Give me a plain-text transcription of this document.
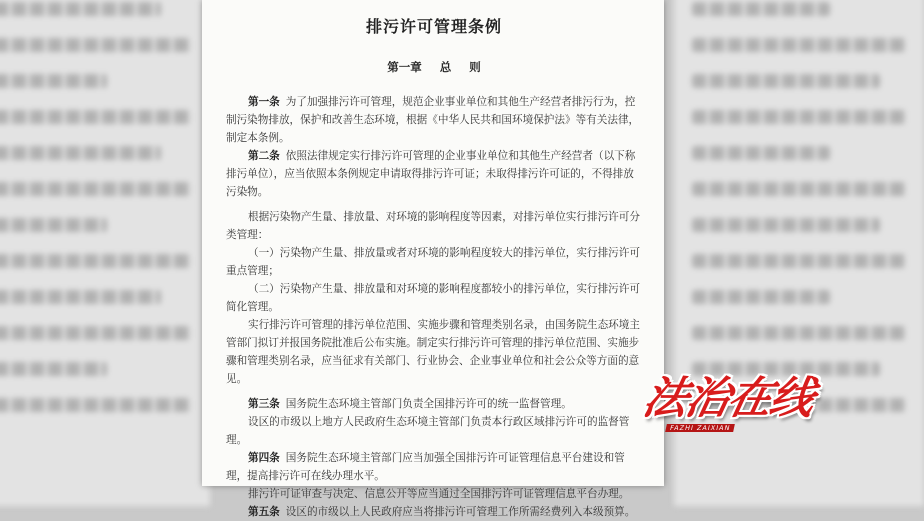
排污许可管理条例
第一章 总 则
第一条 为了加强排污许可管理，规范企业事业单位和其他生产经营者排污行为，控制污染物排放，保护和改善生态环境，根据《中华人民共和国环境保护法》等有关法律，制定本条例。
第二条 依照法律规定实行排污许可管理的企业事业单位和其他生产经营者（以下称排污单位），应当依照本条例规定申请取得排污许可证；未取得排污许可证的，不得排放污染物。
根据污染物产生量、排放量、对环境的影响程度等因素，对排污单位实行排污许可分类管理：
（一）污染物产生量、排放量或者对环境的影响程度较大的排污单位，实行排污许可重点管理；
（二）污染物产生量、排放量和对环境的影响程度都较小的排污单位，实行排污许可简化管理。
实行排污许可管理的排污单位范围、实施步骤和管理类别名录，由国务院生态环境主管部门拟订并报国务院批准后公布实施。制定实行排污许可管理的排污单位范围、实施步骤和管理类别名录，应当征求有关部门、行业协会、企业事业单位和社会公众等方面的意见。
第三条 国务院生态环境主管部门负责全国排污许可的统一监督管理。
设区的市级以上地方人民政府生态环境主管部门负责本行政区域排污许可的监督管理。
第四条 国务院生态环境主管部门应当加强全国排污许可证管理信息平台建设和管理，提高排污许可在线办理水平。
排污许可证审查与决定、信息公开等应当通过全国排污许可证管理信息平台办理。
第五条 设区的市级以上人民政府应当将排污许可管理工作所需经费列入本级预算。
法治在线
FAZHI ZAIXIAN
